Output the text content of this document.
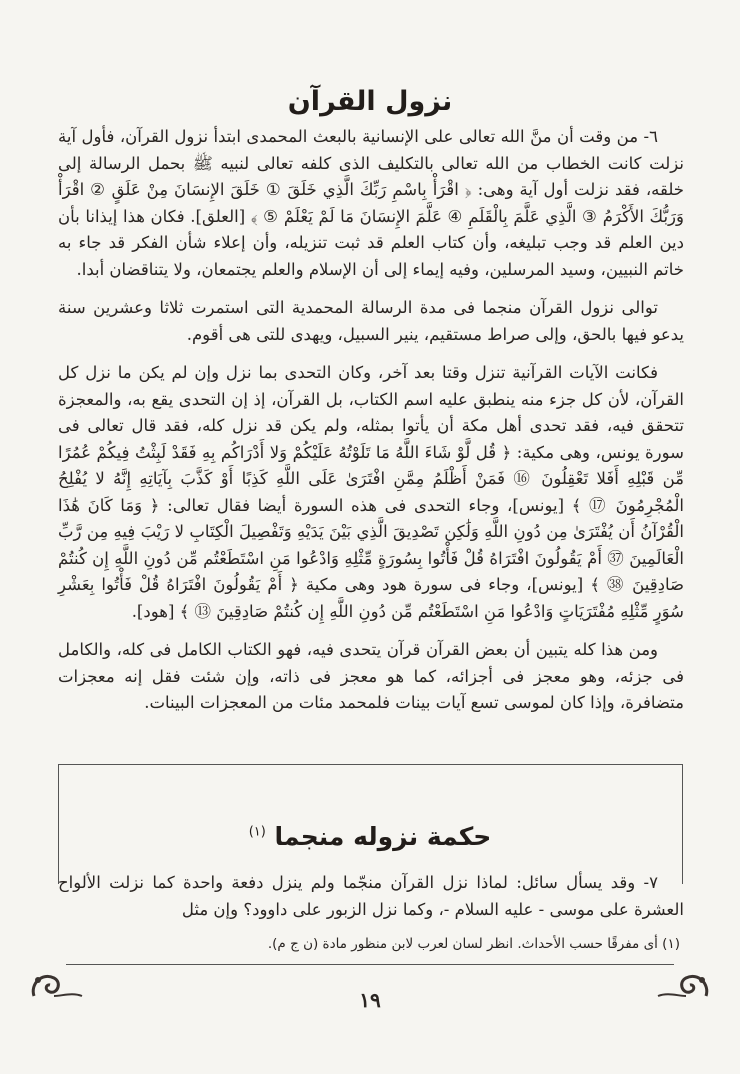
نزول القرآن

٦- من وقت أن منَّ الله تعالى على الإنسانية بالبعث المحمدى ابتدأ نزول القرآن، فأول آية نزلت كانت الخطاب من الله تعالى بالتكليف الذى كلفه تعالى لنبيه ﷺ بحمل الرسالة إلى خلقه، فقد نزلت أول آية وهى: ﴿ اقْرَأْ بِاسْمِ رَبِّكَ الَّذِي خَلَقَ ① خَلَقَ الإِنسَانَ مِنْ عَلَقٍ ② اقْرَأْ وَرَبُّكَ الأَكْرَمُ ③ الَّذِي عَلَّمَ بِالْقَلَمِ ④ عَلَّمَ الإِنسَانَ مَا لَمْ يَعْلَمْ ⑤ ﴾ [العلق]. فكان هذا إيذانا بأن دين العلم قد وجب تبليغه، وأن كتاب العلم قد ثبت تنزيله، وأن إعلاء شأن الفكر قد جاء به خاتم النبيين، وسيد المرسلين، وفيه إيماء إلى أن الإسلام والعلم يجتمعان، ولا يتناقضان أبدا.

توالى نزول القرآن منجما فى مدة الرسالة المحمدية التى استمرت ثلاثا وعشرين سنة يدعو فيها بالحق، وإلى صراط مستقيم، ينير السبيل، ويهدى للتى هى أقوم.

فكانت الآيات القرآنية تنزل وقتا بعد آخر، وكان التحدى بما نزل وإن لم يكن ما نزل كل القرآن، لأن كل جزء منه ينطبق عليه اسم الكتاب، بل القرآن، إذ إن التحدى يقع به، والمعجزة تتحقق فيه، فقد تحدى أهل مكة أن يأتوا بمثله، ولم يكن قد نزل كله، فقد قال تعالى فى سورة يونس، وهى مكية: ﴿ قُل لَّوْ شَاءَ اللَّهُ مَا تَلَوْتُهُ عَلَيْكُمْ وَلا أَدْرَاكُم بِهِ فَقَدْ لَبِثْتُ فِيكُمْ عُمُرًا مِّن قَبْلِهِ أَفَلا تَعْقِلُونَ ⑯ فَمَنْ أَظْلَمُ مِمَّنِ افْتَرَىٰ عَلَى اللَّهِ كَذِبًا أَوْ كَذَّبَ بِآيَاتِهِ إِنَّهُ لا يُفْلِحُ الْمُجْرِمُونَ ⑰ ﴾ [يونس]، وجاء التحدى فى هذه السورة أيضا فقال تعالى: ﴿ وَمَا كَانَ هَٰذَا الْقُرْآنُ أَن يُفْتَرَىٰ مِن دُونِ اللَّهِ وَلَٰكِن تَصْدِيقَ الَّذِي بَيْنَ يَدَيْهِ وَتَفْصِيلَ الْكِتَابِ لا رَيْبَ فِيهِ مِن رَّبِّ الْعَالَمِينَ ㊲ أَمْ يَقُولُونَ افْتَرَاهُ قُلْ فَأْتُوا بِسُورَةٍ مِّثْلِهِ وَادْعُوا مَنِ اسْتَطَعْتُم مِّن دُونِ اللَّهِ إِن كُنتُمْ صَادِقِينَ ㊳ ﴾ [يونس]، وجاء فى سورة هود وهى مكية ﴿ أَمْ يَقُولُونَ افْتَرَاهُ قُلْ فَأْتُوا بِعَشْرِ سُوَرٍ مِّثْلِهِ مُفْتَرَيَاتٍ وَادْعُوا مَنِ اسْتَطَعْتُم مِّن دُونِ اللَّهِ إِن كُنتُمْ صَادِقِينَ ⑬ ﴾ [هود].

ومن هذا كله يتبين أن بعض القرآن قرآن يتحدى فيه، فهو الكتاب الكامل فى كله، والكامل فى جزئه، وهو معجز فى أجزائه، كما هو معجز فى ذاته، وإن شئت فقل إنه معجزات متضافرة، وإذا كان لموسى تسع آيات بينات فلمحمد مئات من المعجزات البينات.

حكمة نزوله منجما $^{(١)}$

٧- وقد يسأل سائل: لماذا نزل القرآن منجّما ولم ينزل دفعة واحدة كما نزلت الألواح العشرة على موسى - عليه السلام -، وكما نزل الزبور على داوود؟ وإن مثل

(١) أى مفرقًا حسب الأحداث. انظر لسان لعرب لابن منظور مادة (ن ج م).
١٩
